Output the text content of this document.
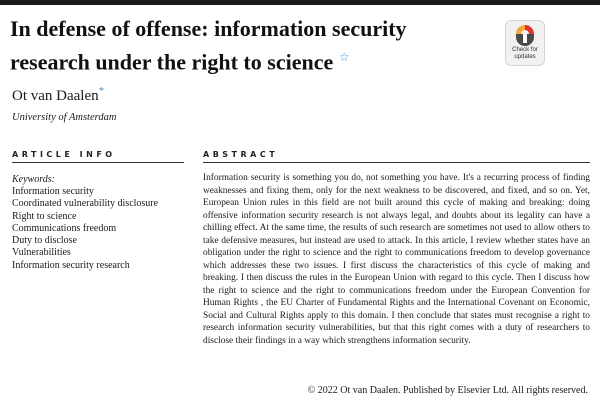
In defense of offense: information security research under the right to science ☆	Check for
updates

Ot van Daalen*

University of Amsterdam

ARTICLE INFO	ABSTRACT

Keywords:

Information security
Coordinated vulnerability disclosure
Right to science
Communications freedom
Duty to disclose
Vulnerabilities
Information security research

Information security is something you do, not something you have. It's a recurring process of finding weaknesses and fixing them, only for the next weakness to be discovered, and fixed, and so on. Yet, European Union rules in this field are not built around this cycle of making and breaking: doing offensive information security research is not always legal, and doubts about its legality can have a chilling effect. At the same time, the results of such research are sometimes not used to allow others to take defensive measures, but instead are used to attack. In this article, I review whether states have an obligation under the right to science and the right to communications freedom to develop governance which addresses these two issues. I first discuss the characteristics of this cycle of making and breaking. I then discuss the rules in the European Union with regard to this cycle. Then I discuss how the right to science and the right to communications freedom under the European Convention for Human Rights , the EU Charter of Fundamental Rights and the International Covenant on Economic, Social and Cultural Rights apply to this domain. I then conclude that states must recognise a right to research information security vulnerabilities, but that this right comes with a duty of researchers to disclose their findings in a way which strengthens information security.

© 2022 Ot van Daalen. Published by Elsevier Ltd. All rights reserved.
